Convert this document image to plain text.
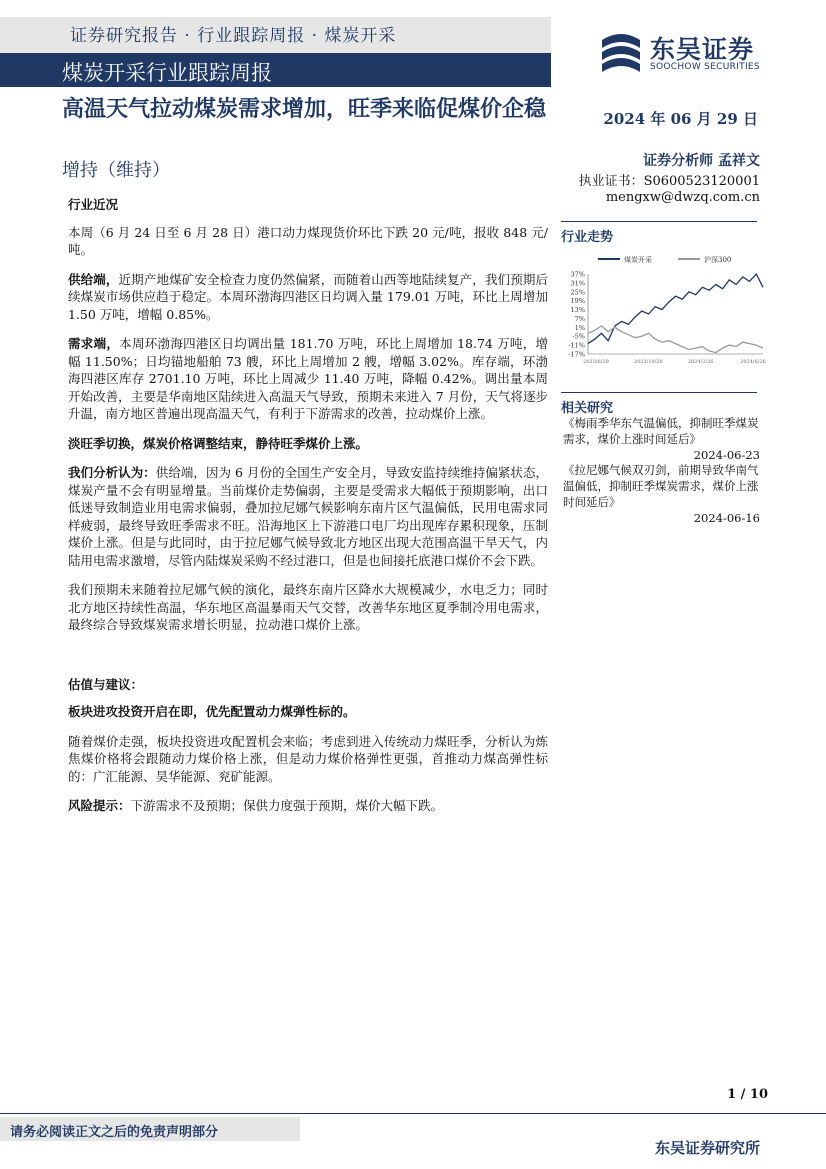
证券研究报告 · 行业跟踪周报 · 煤炭开采
煤炭开采行业跟踪周报
东吴证券
SOOCHOW SECURITIES
高温天气拉动煤炭需求增加，旺季来临促煤价企稳
增持（维持）
2024 年 06 月 29 日
证券分析师 孟祥文
执业证书：S0600523120001
mengxw@dwzq.com.cn

行业近况

本周（6 月 24 日至 6 月 28 日）港口动力煤现货价环比下跌 20 元/吨，报收 848 元/吨。

供给端，近期产地煤矿安全检查力度仍然偏紧，而随着山西等地陆续复产，我们预期后续煤炭市场供应趋于稳定。本周环渤海四港区日均调入量 179.01 万吨，环比上周增加 1.50 万吨，增幅 0.85%。

需求端，本周环渤海四港区日均调出量 181.70 万吨，环比上周增加 18.74 万吨，增幅 11.50%；日均锚地船舶 73 艘，环比上周增加 2 艘，增幅 3.02%。库存端，环渤海四港区库存 2701.10 万吨，环比上周减少 11.40 万吨，降幅 0.42%。调出量本周开始改善，主要是华南地区陆续进入高温天气导致，预期未来进入 7 月份，天气将逐步升温，南方地区普遍出现高温天气，有利于下游需求的改善，拉动煤价上涨。

淡旺季切换，煤炭价格调整结束，静待旺季煤价上涨。

我们分析认为：供给端，因为 6 月份的全国生产安全月，导致安监持续维持偏紧状态，煤炭产量不会有明显增量。当前煤价走势偏弱，主要是受需求大幅低于预期影响，出口低迷导致制造业用电需求偏弱，叠加拉尼娜气候影响东南片区气温偏低，民用电需求同样疲弱，最终导致旺季需求不旺。沿海地区上下游港口电厂均出现库存累积现象，压制煤价上涨。但是与此同时，由于拉尼娜气候导致北方地区出现大范围高温干旱天气，内陆用电需求激增，尽管内陆煤炭采购不经过港口，但是也间接托底港口煤价不会下跌。

我们预期未来随着拉尼娜气候的演化，最终东南片区降水大规模减少，水电乏力；同时北方地区持续性高温，华东地区高温暴雨天气交替，改善华东地区夏季制冷用电需求，最终综合导致煤炭需求增长明显，拉动港口煤价上涨。

估值与建议：

板块进攻投资开启在即，优先配置动力煤弹性标的。

随着煤价走强，板块投资进攻配置机会来临；考虑到进入传统动力煤旺季，分析认为炼焦煤价格将会跟随动力煤价格上涨，但是动力煤价格弹性更强，首推动力煤高弹性标的：广汇能源、昊华能源、兖矿能源。

风险提示：下游需求不及预期；保供力度强于预期，煤价大幅下跌。

行业走势
煤炭开采	沪深300
37%
31%
25%
19%
13%
7%
1%
-5%
-11%
-17%
2023/6/29	2023/10/28	2024/2/26	2024/6/26
相关研究
《梅雨季华东气温偏低，抑制旺季煤炭需求，煤价上涨时间延后》
2024-06-23
《拉尼娜气候双刃剑，前期导致华南气温偏低，抑制旺季煤炭需求，煤价上涨时间延后》
2024-06-16
1 / 10
请务必阅读正文之后的免责声明部分
东吴证券研究所
